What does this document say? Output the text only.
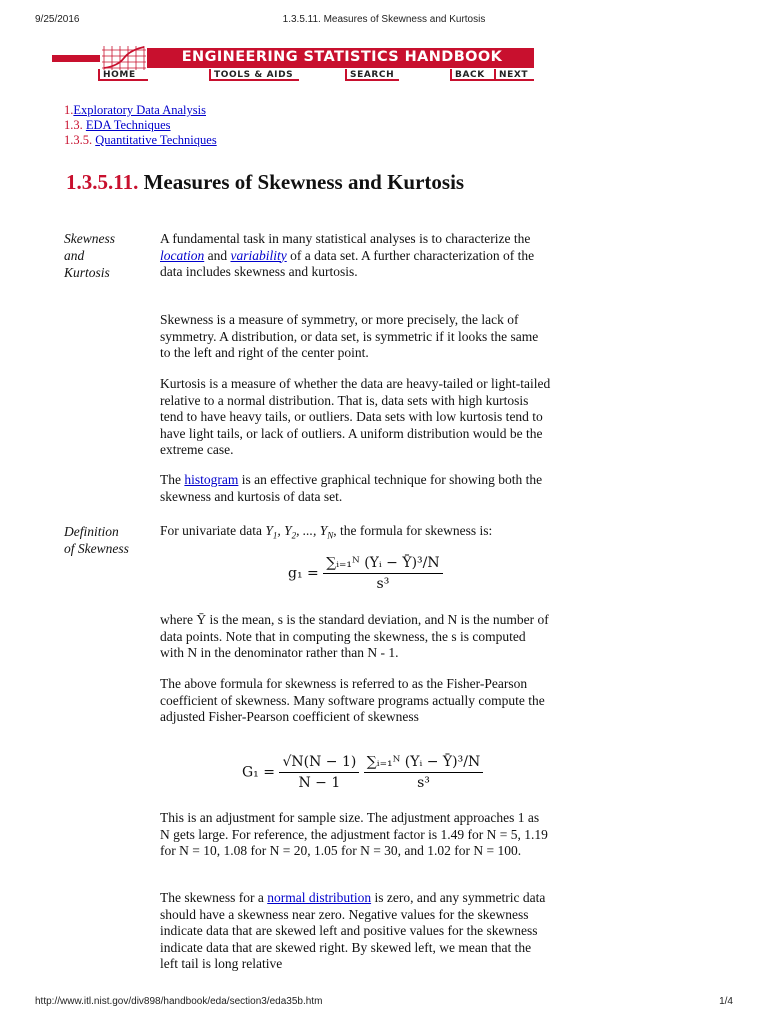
9/25/2016	1.3.5.11. Measures of Skewness and Kurtosis
ENGINEERING STATISTICS HANDBOOK
HOME	TOOLS & AIDS	SEARCH	BACK	NEXT
1.Exploratory Data Analysis
1.3. EDA Techniques
1.3.5. Quantitative Techniques
1.3.5.11. Measures of Skewness and Kurtosis
Skewness
and
Kurtosis

A fundamental task in many statistical analyses is to characterize the location and variability of a data set. A further characterization of the data includes skewness and kurtosis.

Skewness is a measure of symmetry, or more precisely, the lack of symmetry. A distribution, or data set, is symmetric if it looks the same to the left and right of the center point.

Kurtosis is a measure of whether the data are heavy-tailed or light-tailed relative to a normal distribution. That is, data sets with high kurtosis tend to have heavy tails, or outliers. Data sets with low kurtosis tend to have light tails, or lack of outliers. A uniform distribution would be the extreme case.

The histogram is an effective graphical technique for showing both the skewness and kurtosis of data set.

Definition
of Skewness

For univariate data $Y_1$, $Y_2$, ..., $Y_N$, the formula for skewness is:

$g_1 = \frac{\text{∑ᵢ₌₁ᴺ (Yᵢ − Ȳ)³/N}}{\text{s³}}$

where Ȳ is the mean, s is the standard deviation, and N is the number of data points. Note that in computing the skewness, the s is computed with N in the denominator rather than N - 1.

The above formula for skewness is referred to as the Fisher-Pearson coefficient of skewness. Many software programs actually compute the adjusted Fisher-Pearson coefficient of skewness

$G_1 = \frac{√N(N - 1)}{N - 1}$
$\frac{\text{∑ᵢ₌₁ᴺ (Yᵢ − Ȳ)³/N}}{\text{s³}}$

This is an adjustment for sample size. The adjustment approaches 1 as N gets large. For reference, the adjustment factor is 1.49 for N = 5, 1.19 for N = 10, 1.08 for N = 20, 1.05 for N = 30, and 1.02 for N = 100.

The skewness for a normal distribution is zero, and any symmetric data should have a skewness near zero. Negative values for the skewness indicate data that are skewed left and positive values for the skewness indicate data that are skewed right. By skewed left, we mean that the left tail is long relative

http://www.itl.nist.gov/div898/handbook/eda/section3/eda35b.htm	1/4
